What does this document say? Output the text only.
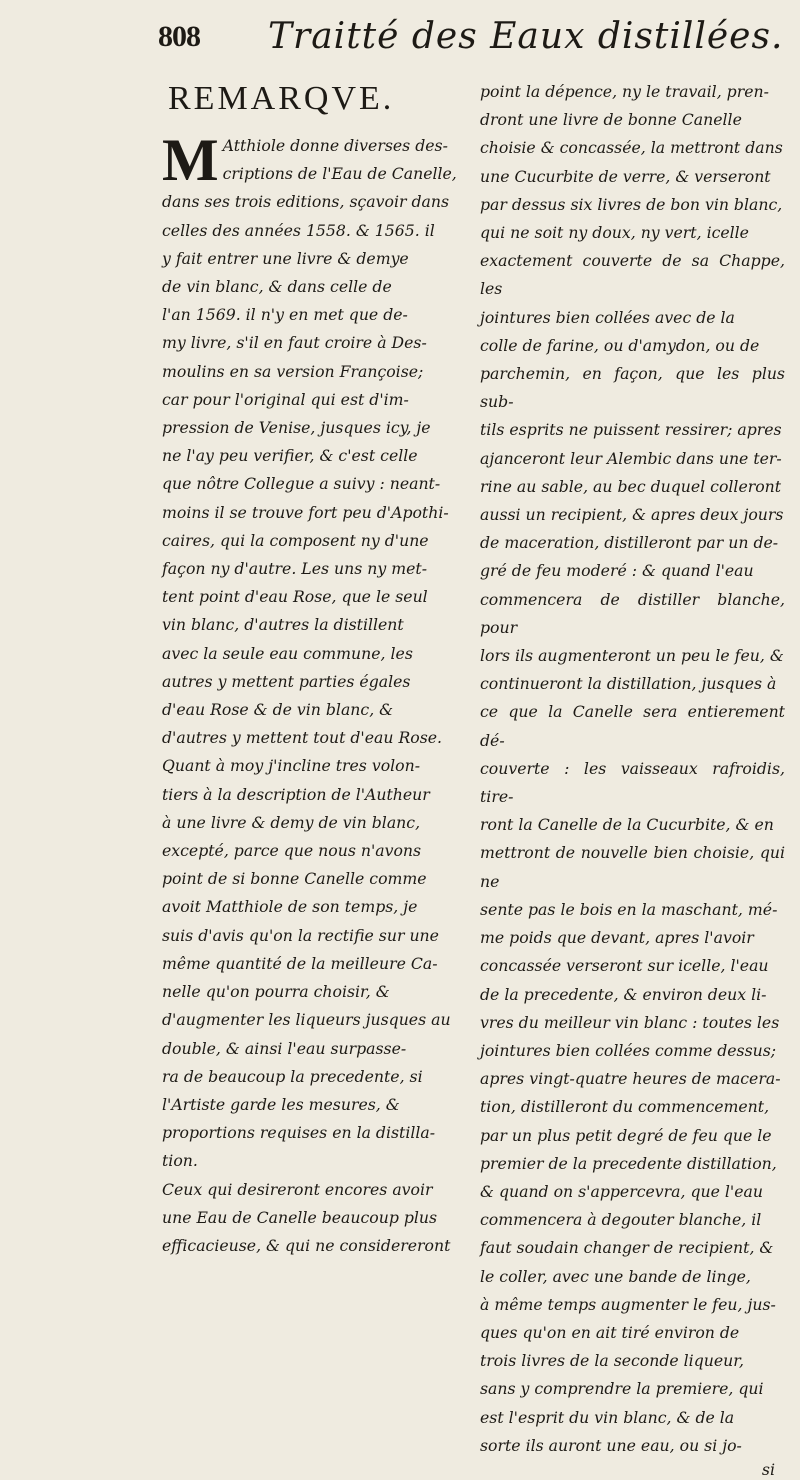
808 Traitté des Eaux distillées.
REMARQVE.

M Atthiole donne diverses des-
criptions de l'Eau de Canelle,
dans ses trois editions, sçavoir dans
celles des années 1558. & 1565. il
y fait entrer une livre & demye
de vin blanc, & dans celle de
l'an 1569. il n'y en met que de-
my livre, s'il en faut croire à Des-
moulins en sa version Françoise;
car pour l'original qui est d'im-
pression de Venise, jusques icy, je
ne l'ay peu verifier, & c'est celle
que nôtre Collegue a suivy : neant-
moins il se trouve fort peu d'Apothi-
caires, qui la composent ny d'une
façon ny d'autre. Les uns ny met-
tent point d'eau Rose, que le seul
vin blanc, d'autres la distillent
avec la seule eau commune, les
autres y mettent parties égales
d'eau Rose & de vin blanc, &
d'autres y mettent tout d'eau Rose.
Quant à moy j'incline tres volon-
tiers à la description de l'Autheur
à une livre & demy de vin blanc,
excepté, parce que nous n'avons
point de si bonne Canelle comme
avoit Matthiole de son temps, je
suis d'avis qu'on la rectifie sur une
même quantité de la meilleure Ca-
nelle qu'on pourra choisir, &
d'augmenter les liqueurs jusques au
double, & ainsi l'eau surpasse-
ra de beaucoup la precedente, si
l'Artiste garde les mesures, &
proportions requises en la distilla-
tion.

Ceux qui desireront encores avoir
une Eau de Canelle beaucoup plus
efficacieuse, & qui ne considereront

point la dépence, ny le travail, pren-
dront une livre de bonne Canelle
choisie & concassée, la mettront dans
une Cucurbite de verre, & verseront
par dessus six livres de bon vin blanc,
qui ne soit ny doux, ny vert, icelle
exactement couverte de sa Chappe, les
jointures bien collées avec de la
colle de farine, ou d'amydon, ou de
parchemin, en façon, que les plus sub-
tils esprits ne puissent ressirer; apres
ajanceront leur Alembic dans une ter-
rine au sable, au bec duquel colleront
aussi un recipient, & apres deux jours
de maceration, distilleront par un de-
gré de feu moderé : & quand l'eau
commencera de distiller blanche, pour
lors ils augmenteront un peu le feu, &
continueront la distillation, jusques à
ce que la Canelle sera entierement dé-
couverte : les vaisseaux rafroidis, tire-
ront la Canelle de la Cucurbite, & en
mettront de nouvelle bien choisie, qui ne
sente pas le bois en la maschant, mé-
me poids que devant, apres l'avoir
concassée verseront sur icelle, l'eau
de la precedente, & environ deux li-
vres du meilleur vin blanc : toutes les
jointures bien collées comme dessus;
apres vingt-quatre heures de macera-
tion, distilleront du commencement,
par un plus petit degré de feu que le
premier de la precedente distillation,
& quand on s'appercevra, que l'eau
commencera à degouter blanche, il
faut soudain changer de recipient, &
le coller, avec une bande de linge,
à même temps augmenter le feu, jus-
ques qu'on en ait tiré environ de
trois livres de la seconde liqueur,
sans y comprendre la premiere, qui
est l'esprit du vin blanc, & de la
sorte ils auront une eau, ou si jo-

si
